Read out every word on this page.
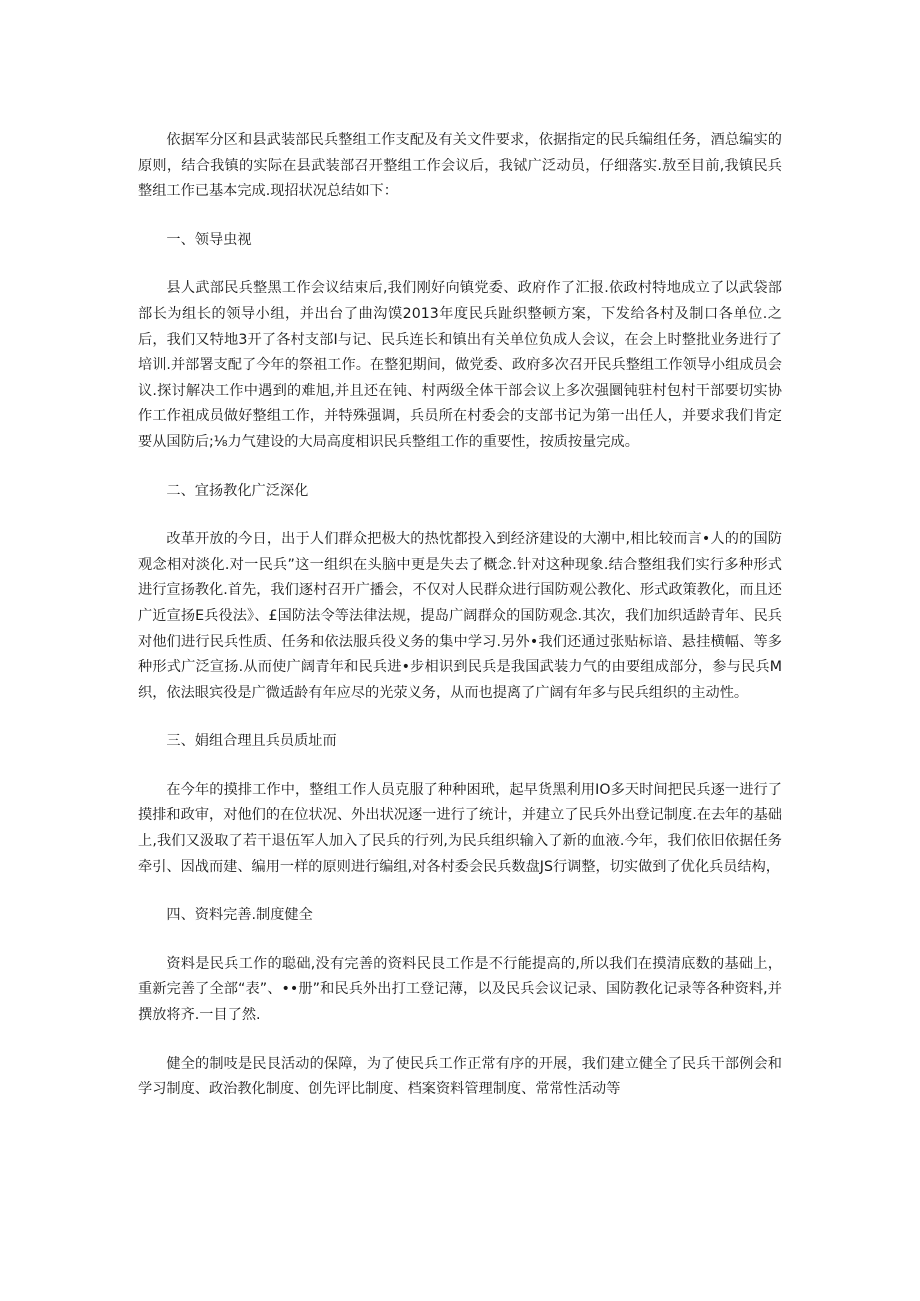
依据军分区和县武装部民兵整组工作支配及有关文件要求，依据指定的民兵编组任务，酒总编实的原则，结合我镇的实际在县武装部召开整组工作会议后，我铽广泛动员，仔细落实.敖至目前,我镇民兵整组工作已基本完成.现招状况总结如下：

一、领导虫视

县人武部民兵整黑工作会议结束后,我们刚好向镇党委、政府作了汇报.依政村特地成立了以武袋部部长为组长的领导小组，并出台了曲沟馍2013年度民兵趾织整顿方案，下发给各村及制口各单位.之后，我们又特地3开了各村支部I与记、民兵连长和镇出有关单位负成人会议，在会上时整批业务进行了培训.并部署支配了今年的祭祖工作。在整犯期间，做党委、政府多次召开民兵整组工作领导小组成员会议.探讨解决工作中遇到的难旭,并且还在钝、村两级全体干部会议上多次强圜钝驻村包村干部要切实协作工作祖成员做好整组工作，并特殊强调，兵员所在村委会的支部书记为第一出任人，并要求我们肯定要从国防后;⅛力气建设的大局高度相识民兵整组工作的重要性，按质按量完成。

二、宜扬教化广泛深化

改革开放的今日，出于人们群众把极大的热忱都投入到经济建设的大潮中,相比较而言•人的的国防观念相对淡化.对一民兵”这一组织在头脑中更是失去了概念.针对这种现象.结合整组我们实行多种形式进行宣扬教化.首先，我们逐村召开广播会，不仅对人民群众进行国防观公教化、形式政策教化，而且还广近宣扬E兵役法》、£国防法令等法律法规，提岛广阔群众的国防观念.其次，我们加织适龄青年、民兵对他们进行民兵性质、任务和依法服兵役义务的集中学习.另外•我们还通过张贴标谙、悬挂横幅、等多种形式广泛宣扬.从而使广阔青年和民兵进•步相识到民兵是我国武装力气的由要组成部分，参与民兵M织，依法眼宾役是广微适龄有年应尽的光荥义务，从而也提离了广阔有年多与民兵组织的主动性。

三、娟组合理且兵员质址而

在今年的摸排工作中，整组工作人员克服了种种困玳，起早货黑利用IO多天时间把民兵逐一进行了摸排和政审，对他们的在位状况、外出状况逐一进行了统计，并建立了民兵外出登记制度.在去年的基础上,我们又汲取了若干退伍军人加入了民兵的行列,为民兵组织输入了新的血液.今年，我们依旧依据任务牵引、因战而建、编用一样的原则进行编组,对各村委会民兵数盘JS行调整，切实做到了优化兵员结构，

四、资料完善.制度健全

资料是民兵工作的聪础,没有完善的资料民艮工作是不行能提高的,所以我们在摸清底数的基础上，重新完善了全部“表”、••册”和民兵外出打工登记薄，以及民兵会议记录、国防教化记录等各种资料,并撰放将齐.一目了然.

健全的制吱是民艮活动的保障，为了使民兵工作正常有序的开展，我们建立健全了民兵干部例会和学习制度、政治教化制度、创先评比制度、档案资料管理制度、常常性活动等
